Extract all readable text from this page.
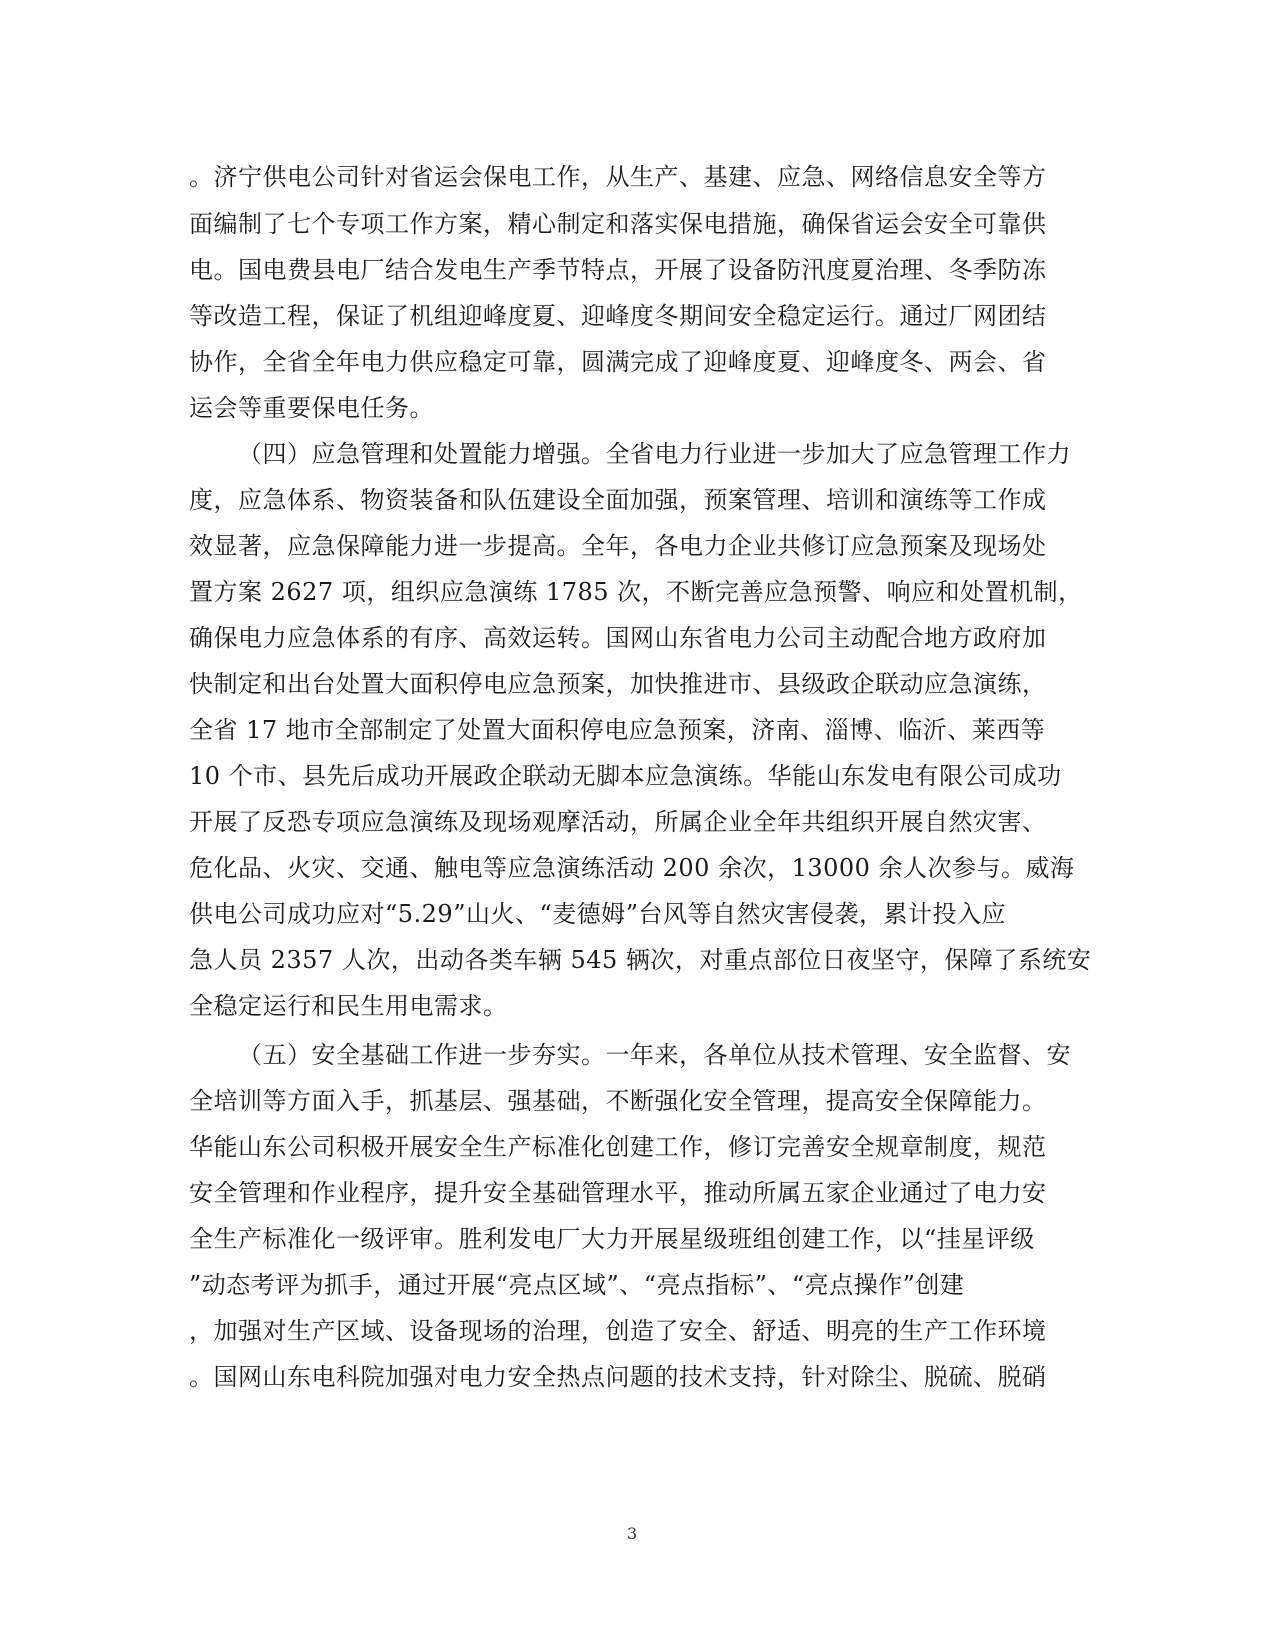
。济宁供电公司针对省运会保电工作，从生产、基建、应急、网络信息安全等方

面编制了七个专项工作方案，精心制定和落实保电措施，确保省运会安全可靠供

电。国电费县电厂结合发电生产季节特点，开展了设备防汛度夏治理、冬季防冻

等改造工程，保证了机组迎峰度夏、迎峰度冬期间安全稳定运行。通过厂网团结

协作，全省全年电力供应稳定可靠，圆满完成了迎峰度夏、迎峰度冬、两会、省

运会等重要保电任务。

（四）应急管理和处置能力增强。全省电力行业进一步加大了应急管理工作力

度，应急体系、物资装备和队伍建设全面加强，预案管理、培训和演练等工作成

效显著，应急保障能力进一步提高。全年，各电力企业共修订应急预案及现场处

置方案 2627 项，组织应急演练 1785 次，不断完善应急预警、响应和处置机制，

确保电力应急体系的有序、高效运转。国网山东省电力公司主动配合地方政府加

快制定和出台处置大面积停电应急预案，加快推进市、县级政企联动应急演练，

全省 17 地市全部制定了处置大面积停电应急预案，济南、淄博、临沂、莱西等

10 个市、县先后成功开展政企联动无脚本应急演练。华能山东发电有限公司成功

开展了反恐专项应急演练及现场观摩活动，所属企业全年共组织开展自然灾害、

危化品、火灾、交通、触电等应急演练活动 200 余次，13000 余人次参与。威海

供电公司成功应对“5.29”山火、“麦德姆”台风等自然灾害侵袭，累计投入应

急人员 2357 人次，出动各类车辆 545 辆次，对重点部位日夜坚守，保障了系统安

全稳定运行和民生用电需求。

（五）安全基础工作进一步夯实。一年来，各单位从技术管理、安全监督、安

全培训等方面入手，抓基层、强基础，不断强化安全管理，提高安全保障能力。

华能山东公司积极开展安全生产标准化创建工作，修订完善安全规章制度，规范

安全管理和作业程序，提升安全基础管理水平，推动所属五家企业通过了电力安

全生产标准化一级评审。胜利发电厂大力开展星级班组创建工作，以“挂星评级

”动态考评为抓手，通过开展“亮点区域”、“亮点指标”、“亮点操作”创建

，加强对生产区域、设备现场的治理，创造了安全、舒适、明亮的生产工作环境

。国网山东电科院加强对电力安全热点问题的技术支持，针对除尘、脱硫、脱硝

3
